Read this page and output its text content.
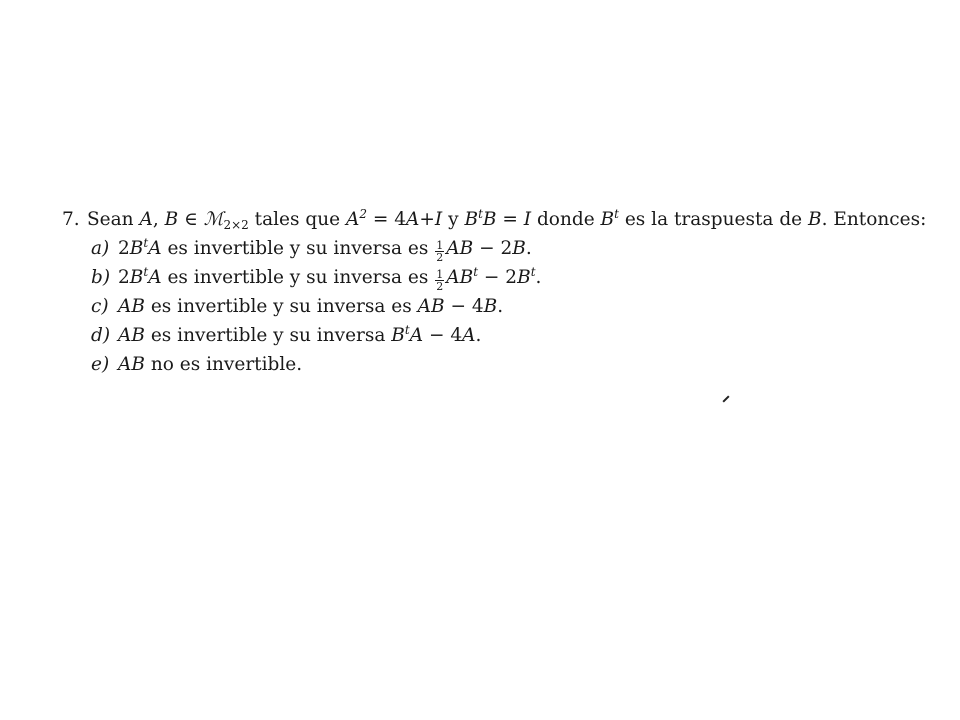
7. Sean A, B ∈ ℳ$_{2\times 2}$ tales que $A^2 = 4A+I$ y $B^tB = I$ donde $B^t$ es la traspuesta de B. Entonces:
a) $2B^tA$ es invertible y su inversa es $\frac{1}{2}$ AB − 2B.
b) $2B^tA$ es invertible y su inversa es $\frac{1}{2} AB^t - 2B^t$.
c) AB es invertible y su inversa es AB − 4B.
d) AB es invertible y su inversa $B^tA - 4A$.
e) AB no es invertible.
